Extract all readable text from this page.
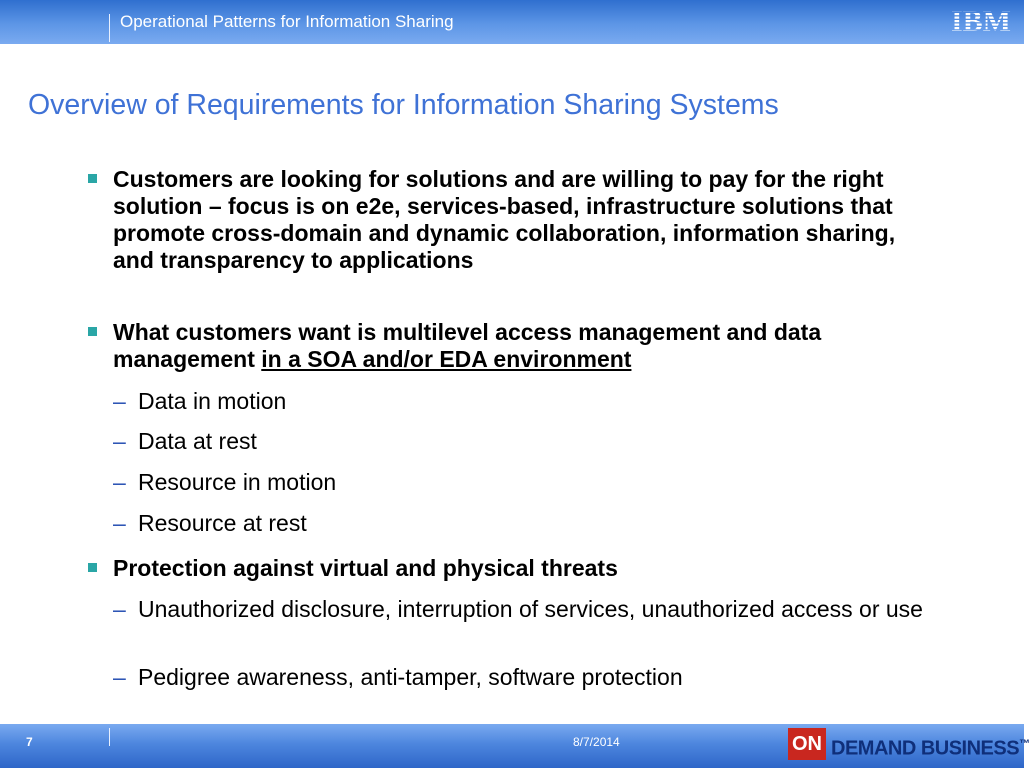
Operational Patterns for Information Sharing	IBM
Overview of Requirements for Information Sharing Systems
Customers are looking for solutions and are willing to pay for the right solution – focus is on e2e, services-based, infrastructure solutions that promote cross-domain and dynamic collaboration, information sharing, and transparency to applications
What customers want is multilevel access management and data management in a SOA and/or EDA environment
– Data in motion
– Data at rest
– Resource in motion
– Resource at rest
Protection against virtual and physical threats
– Unauthorized disclosure, interruption of services, unauthorized access or use
– Pedigree awareness, anti-tamper, software protection
7	8/7/2014	ON DEMAND BUSINESS™
